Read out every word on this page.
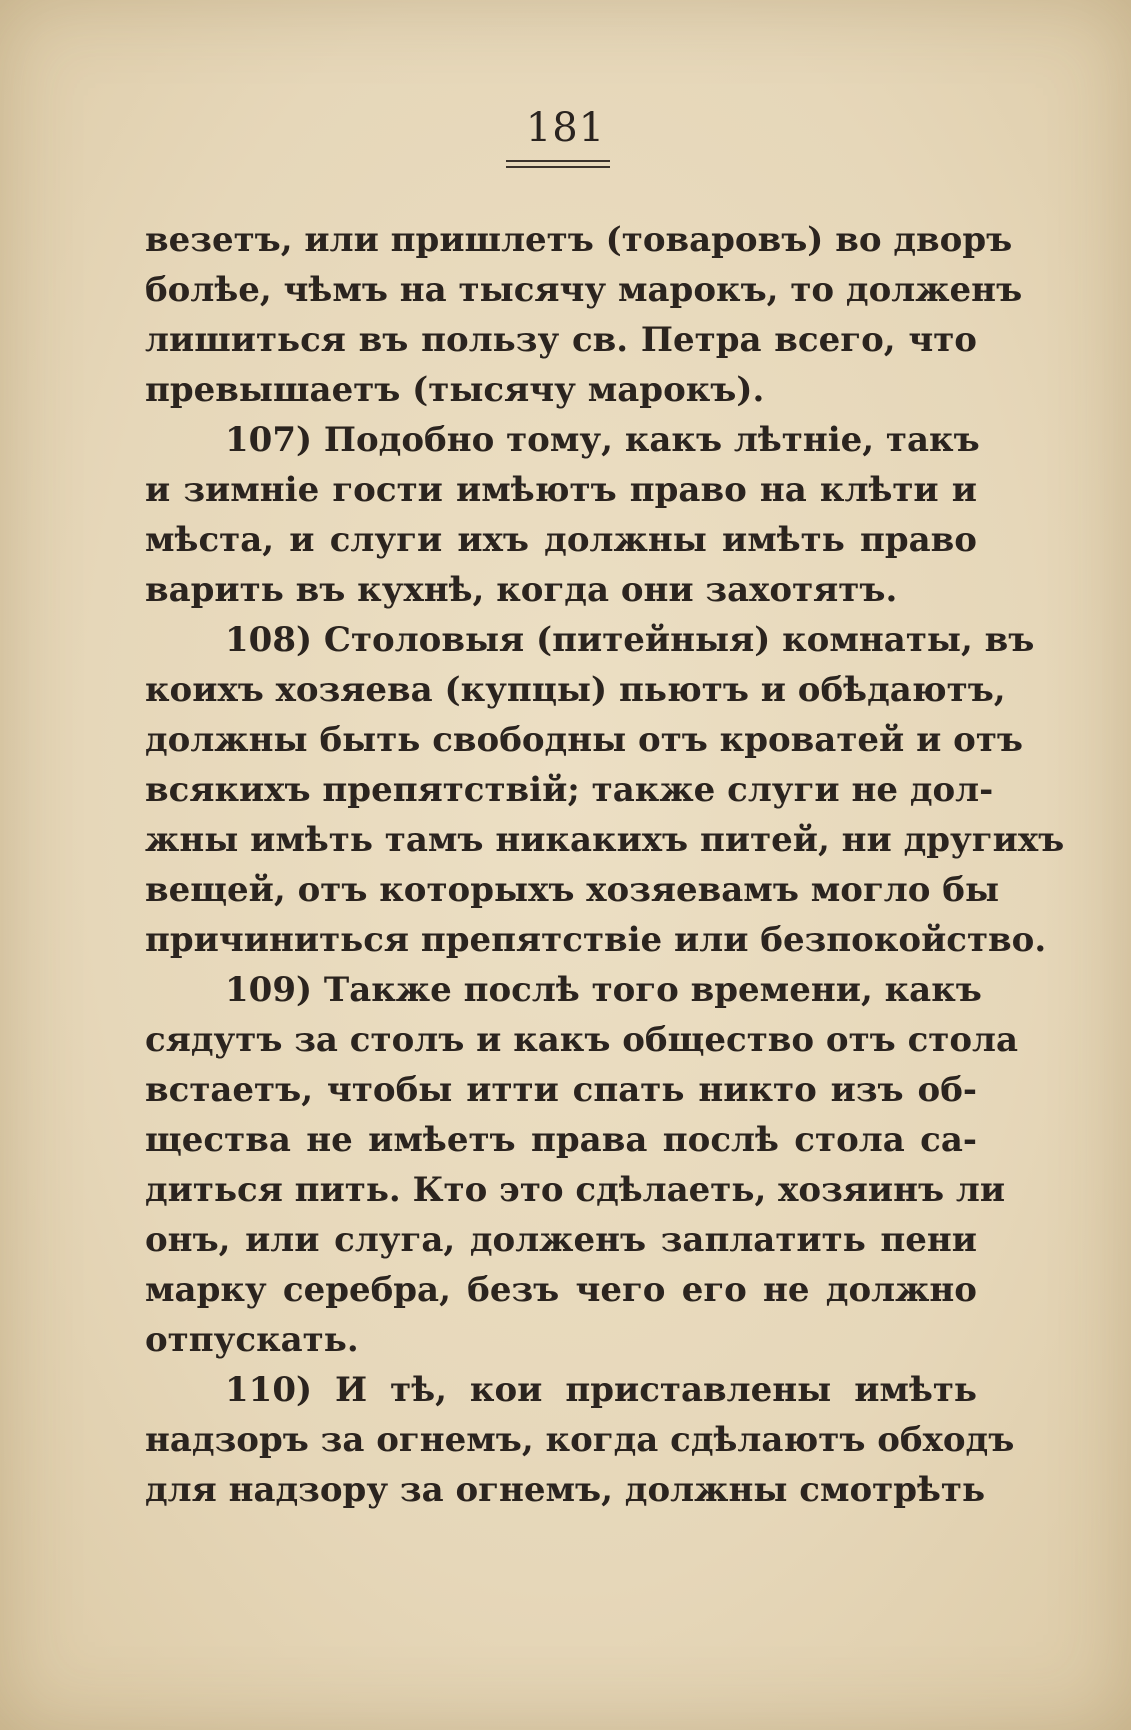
181
везетъ, или пришлетъ (товаровъ) во дворъ
болѣе, чѣмъ на тысячу марокъ, то долженъ
лишиться въ пользу св. Петра всего, что
превышаетъ (тысячу марокъ).
107) Подобно тому, какъ лѣтніе, такъ
и зимніе гости имѣютъ право на клѣти и
мѣста, и слуги ихъ должны имѣть право
варить въ кухнѣ, когда они захотятъ.
108) Столовыя (питейныя) комнаты, въ
коихъ хозяева (купцы) пьютъ и обѣдаютъ,
должны быть свободны отъ кроватей и отъ
всякихъ препятствій; также слуги не дол-
жны имѣть тамъ никакихъ питей, ни другихъ
вещей, отъ которыхъ хозяевамъ могло бы
причиниться препятствіе или безпокойство.
109) Также послѣ того времени, какъ
сядутъ за столъ и какъ общество отъ стола
встаетъ, чтобы итти спать никто изъ об-
щества не имѣетъ права послѣ стола са-
диться пить. Кто это сдѣлаеть, хозяинъ ли
онъ, или слуга, долженъ заплатить пени
марку серебра, безъ чего его не должно
отпускать.
110) И тѣ, кои приставлены имѣть
надзоръ за огнемъ, когда сдѣлаютъ обходъ
для надзору за огнемъ, должны смотрѣть
